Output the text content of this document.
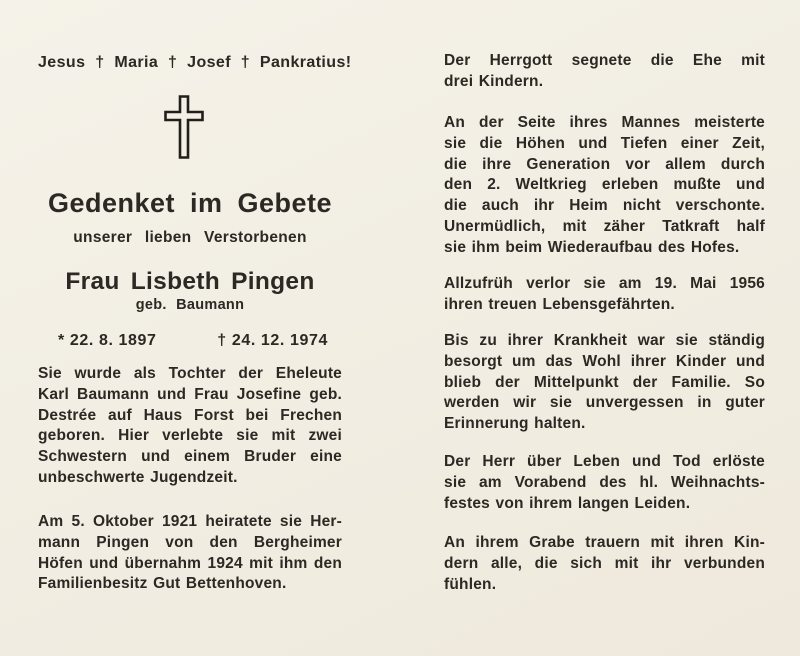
Jesus † Maria † Josef † Pankratius!
Gedenket im Gebete
unserer lieben Verstorbenen
Frau Lisbeth Pingen
geb. Baumann
* 22. 8. 1897	† 24. 12. 1974
Sie wurde als Tochter der Eheleute
Karl Baumann und Frau Josefine geb.
Destrée auf Haus Forst bei Frechen
geboren. Hier verlebte sie mit zwei
Schwestern und einem Bruder eine
unbeschwerte Jugendzeit.
Am 5. Oktober 1921 heiratete sie Her-
mann Pingen von den Bergheimer
Höfen und übernahm 1924 mit ihm den
Familienbesitz Gut Bettenhoven.
Der Herrgott segnete die Ehe mit
drei Kindern.
An der Seite ihres Mannes meisterte
sie die Höhen und Tiefen einer Zeit,
die ihre Generation vor allem durch
den 2. Weltkrieg erleben mußte und
die auch ihr Heim nicht verschonte.
Unermüdlich, mit zäher Tatkraft half
sie ihm beim Wiederaufbau des Hofes.
Allzufrüh verlor sie am 19. Mai 1956
ihren treuen Lebensgefährten.
Bis zu ihrer Krankheit war sie ständig
besorgt um das Wohl ihrer Kinder und
blieb der Mittelpunkt der Familie. So
werden wir sie unvergessen in guter
Erinnerung halten.
Der Herr über Leben und Tod erlöste
sie am Vorabend des hl. Weihnachts-
festes von ihrem langen Leiden.
An ihrem Grabe trauern mit ihren Kin-
dern alle, die sich mit ihr verbunden
fühlen.
